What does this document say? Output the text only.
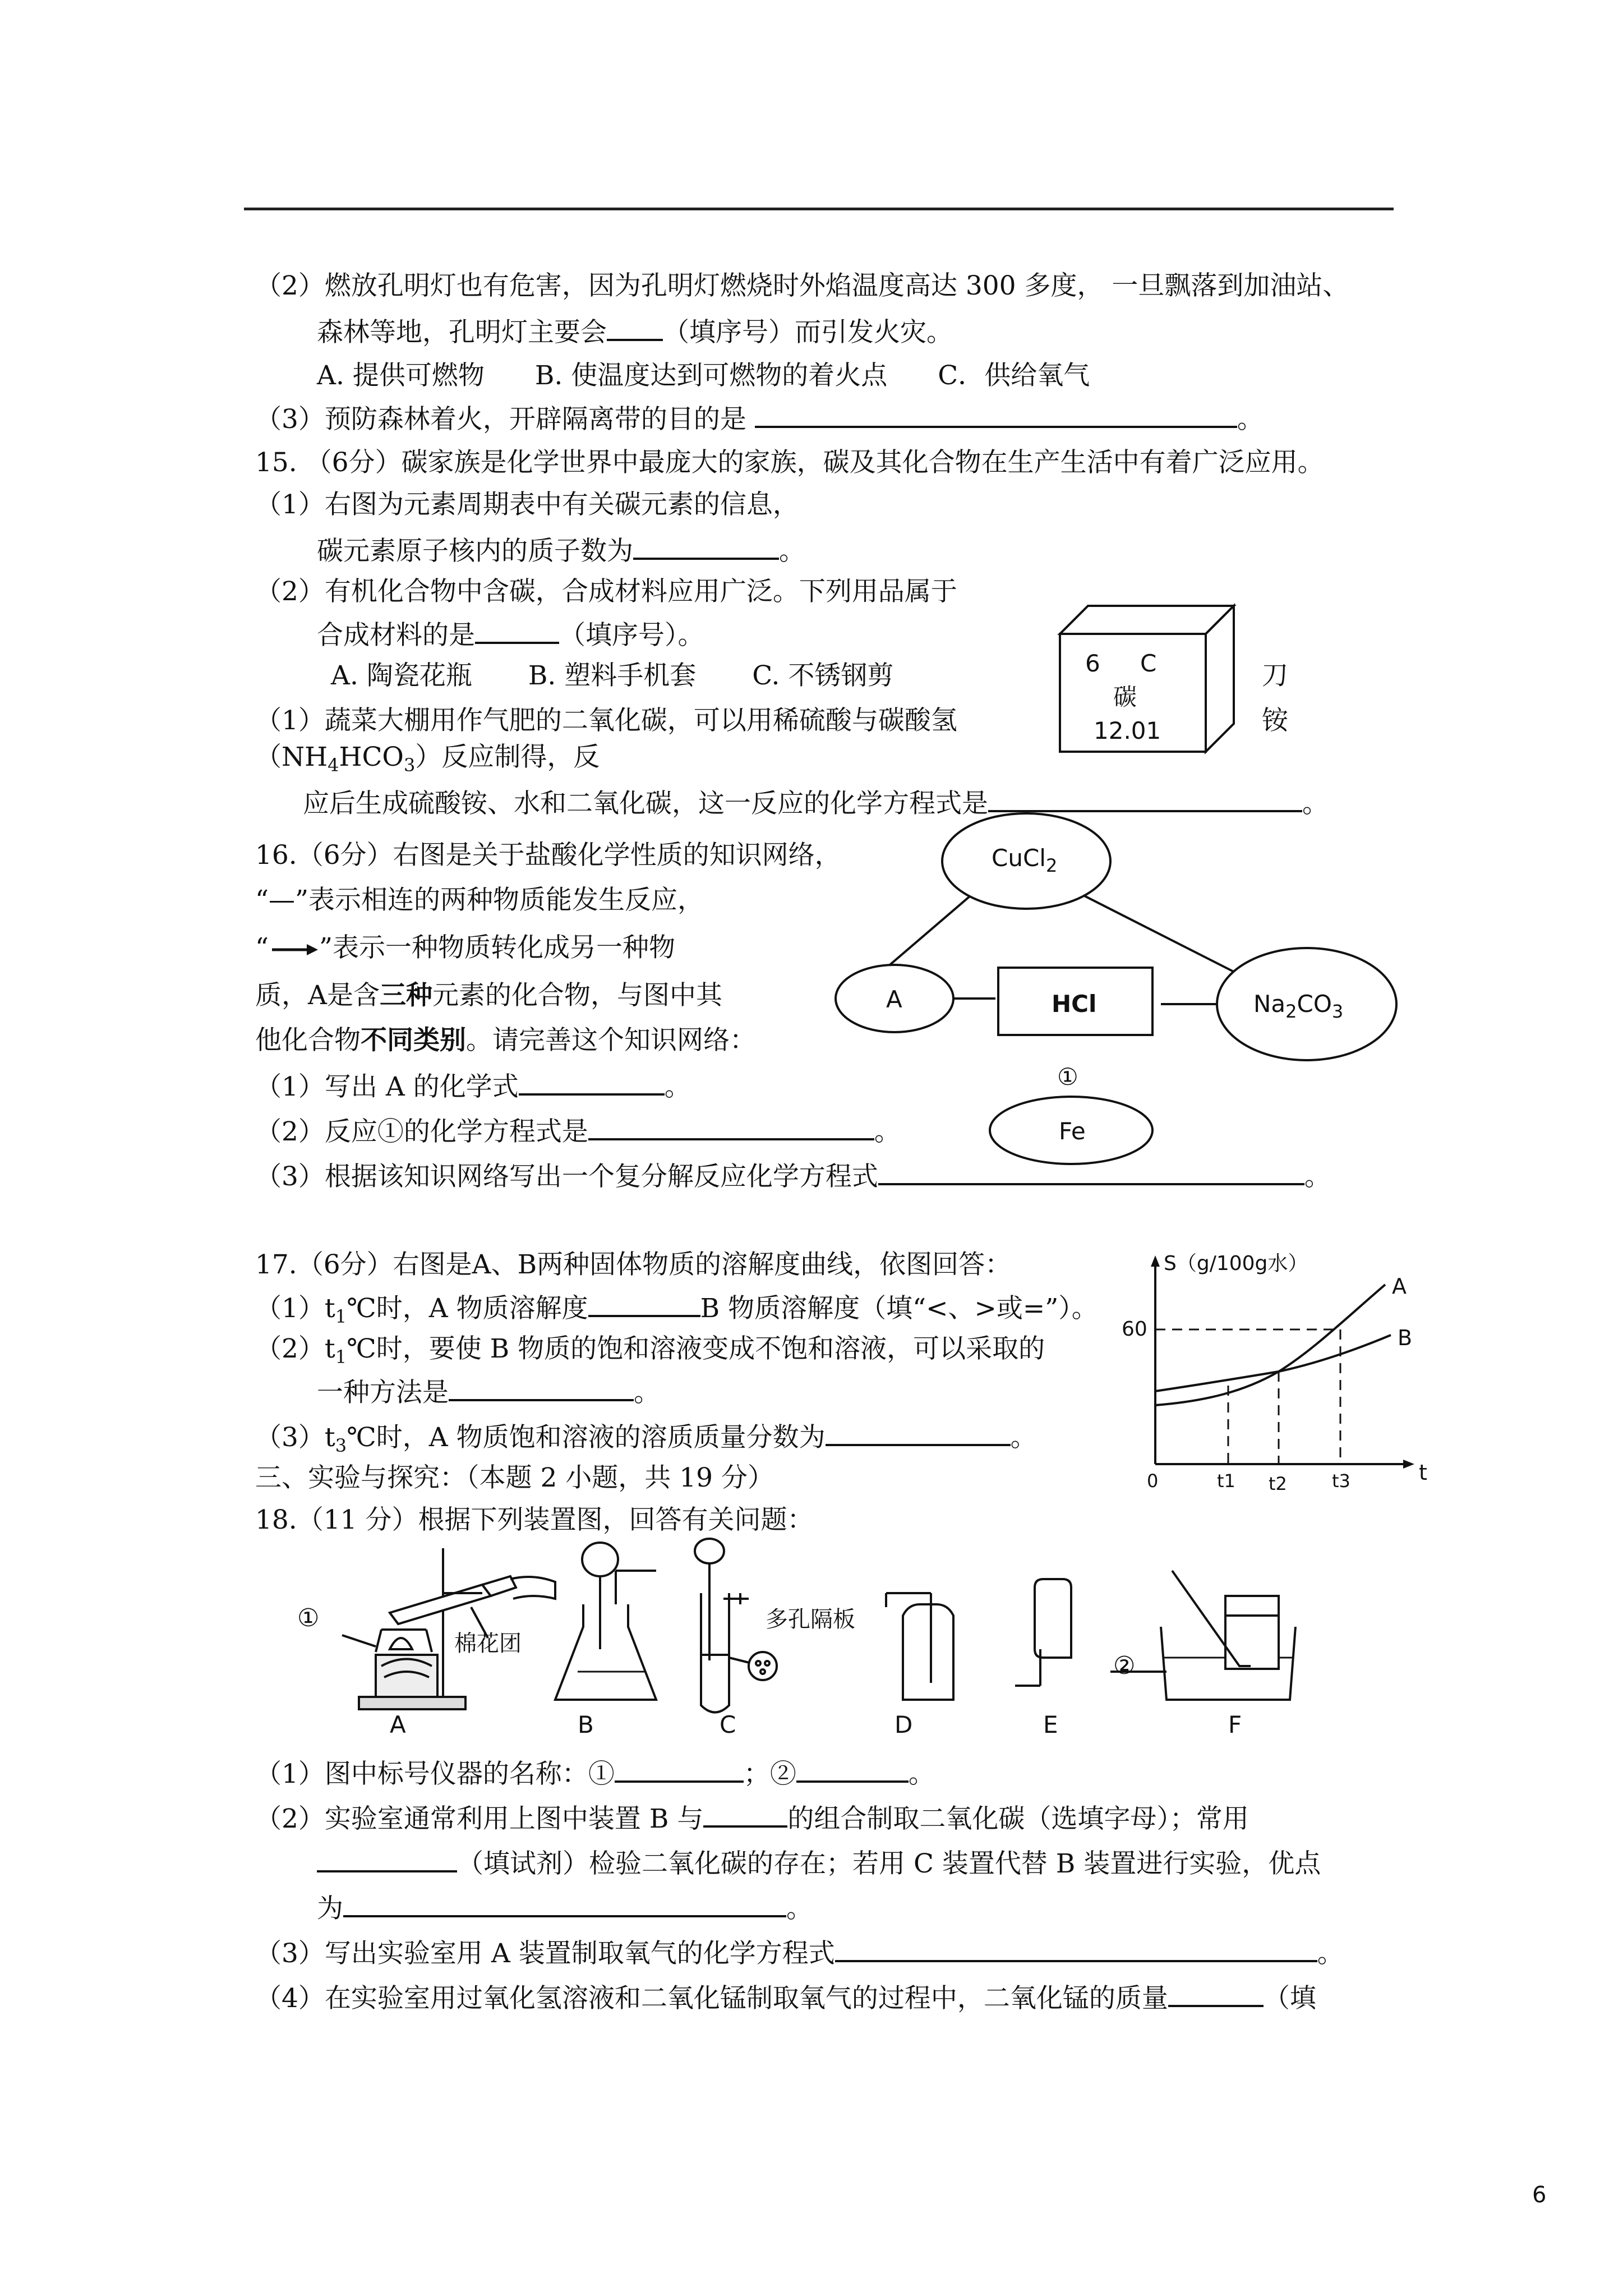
（2）燃放孔明灯也有危害，因为孔明灯燃烧时外焰温度高达 300 多度， 一旦飘落到加油站、
森林等地，孔明灯主要会 （填序号）而引发火灾。
A. 提供可燃物 B. 使温度达到可燃物的着火点 C．供给氧气
（3）预防森林着火，开辟隔离带的目的是	。
15. （6分）碳家族是化学世界中最庞大的家族，碳及其化合物在生产生活中有着广泛应用。
（1）右图为元素周期表中有关碳元素的信息，
碳元素原子核内的质子数为	。
（2）有机化合物中含碳，合成材料应用广泛。下列用品属于
合成材料的是	（填序号）。
A. 陶瓷花瓶 B. 塑料手机套 C. 不锈钢剪	刀
（1）蔬菜大棚用作气肥的二氧化碳，可以用稀硫酸与碳酸氢	铵
$(NH_4HCO_3)$反应制得，反
应后生成硫酸铵、水和二氧化碳，这一反应的化学方程式是	。
6 C
碳
12.01
16.（6分）右图是关于盐酸化学性质的知识网络，
“—”表示相连的两种物质能发生反应，
“ ”表示一种物质转化成另一种物
质，A是含三种元素的化合物，与图中其
他化合物不同类别。请完善这个知识网络：
（1）写出 A 的化学式	。
（2）反应①的化学方程式是	。
（3）根据该知识网络写出一个复分解反应化学方程式	。
CuCl$_2$
A	HCl	$Na_2CO_3$
①
Fe
17.（6分）右图是A、B两种固体物质的溶解度曲线，依图回答：
$(1)t_1℃$时，A 物质溶解度	B 物质溶解度（填“<、>或=”）。
$(2)t_1℃$时，要使 B 物质的饱和溶液变成不饱和溶液，可以采取的
一种方法是	。
$(3)t_3℃$时，A 物质饱和溶液的溶质质量分数为	。
S（g/100g水）
60
0	t1 t2	t3	t
A
B
三、实验与探究：（本题 2 小题，共 19 分）
18.（11 分）根据下列装置图，回答有关问题：
①
棉花团
多孔隔板
②
A	B	C	D	E	F
（1）图中标号仪器的名称：①	；②	。
（2）实验室通常利用上图中装置 B 与	的组合制取二氧化碳（选填字母）；常用
（填试剂）检验二氧化碳的存在；若用 C 装置代替 B 装置进行实验，优点
为	。
（3）写出实验室用 A 装置制取氧气的化学方程式	。
（4）在实验室用过氧化氢溶液和二氧化锰制取氧气的过程中，二氧化锰的质量	（填
6
